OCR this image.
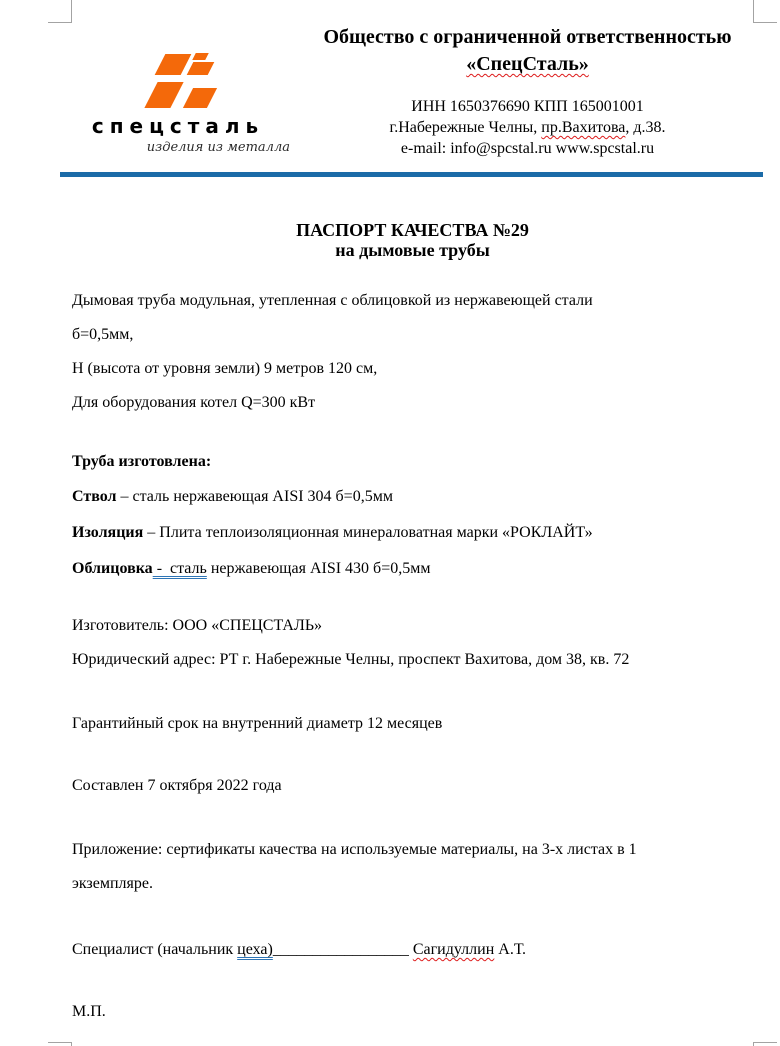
спецсталь
изделия из металла
Общество с ограниченной ответственностью
«СпецСталь»
ИНН 1650376690 КПП 165001001
г.Набережные Челны, пр.Вахитова, д.38.
e-mail: info@spcstal.ru www.spcstal.ru
ПАСПОРТ КАЧЕСТВА №29
на дымовые трубы
Дымовая труба модульная, утепленная с облицовкой из нержавеющей стали
б=0,5мм,
Н (высота от уровня земли) 9 метров 120 см,
Для оборудования котел Q=300 кВт
Труба изготовлена:
Ствол – сталь нержавеющая AISI 304 б=0,5мм
Изоляция – Плита теплоизоляционная минераловатная марки «РОКЛАЙТ»
Облицовка -  сталь нержавеющая AISI 430 б=0,5мм
Изготовитель: ООО «СПЕЦСТАЛЬ»
Юридический адрес: РТ г. Набережные Челны, проспект Вахитова, дом 38, кв. 72
Гарантийный срок на внутренний диаметр 12 месяцев
Составлен 7 октября 2022 года
Приложение: сертификаты качества на используемые материалы, на 3-х листах в 1
экземпляре.
Специалист (начальник цеха)_________________ Сагидуллин А.Т.
М.П.
